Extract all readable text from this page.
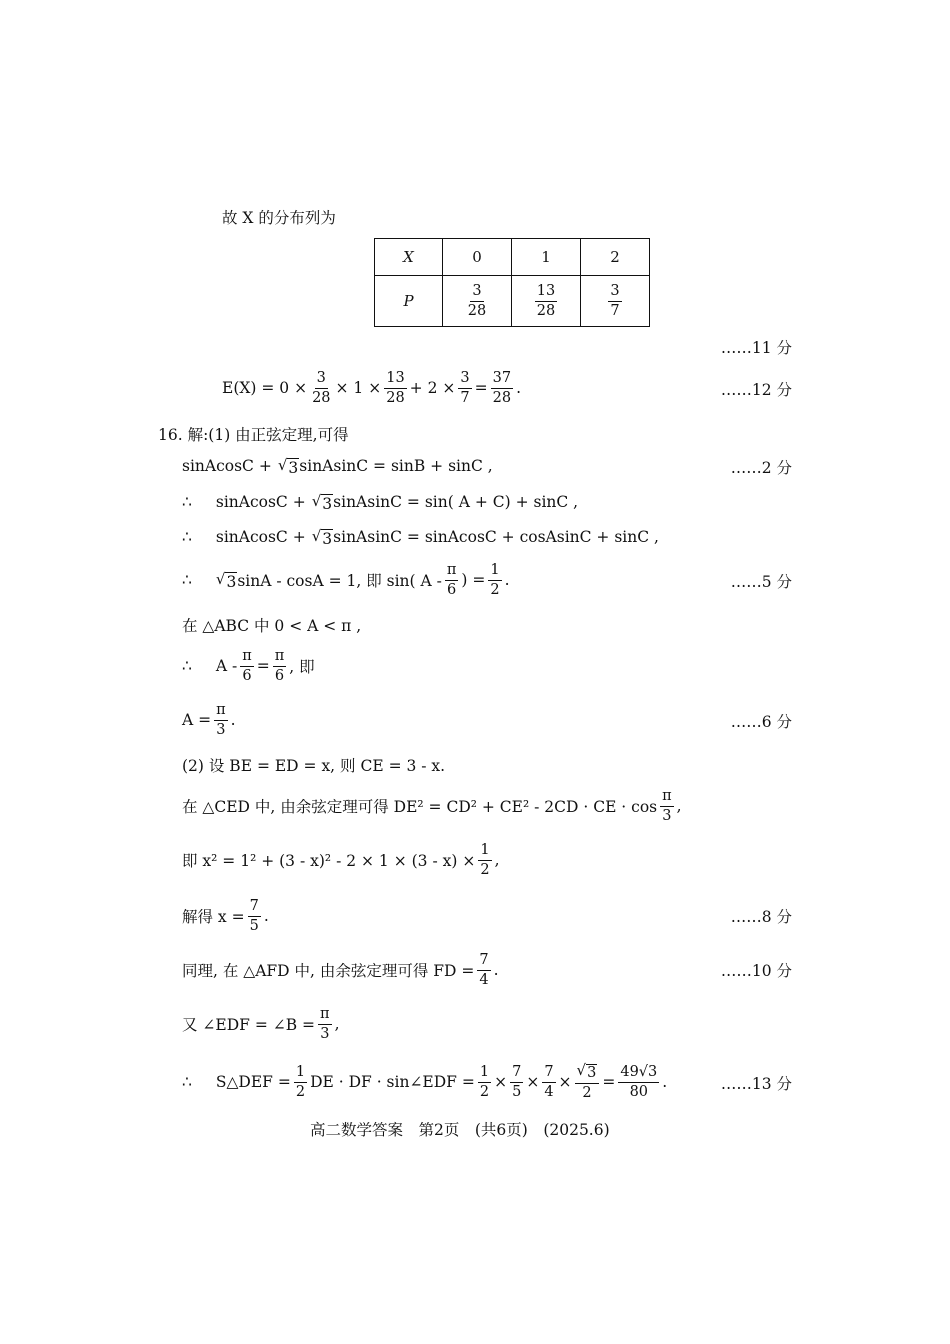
故 X 的分布列为
X	0	1	2
P	$\frac{3}{28}$	$\frac{13}{28}$	$\frac{3}{7}$
……11 分
$E(X) = 0 \times \frac{3}{28} \times 1 \times \frac{13}{28} + 2 \times \frac{3}{7} = \frac{37}{28}$ .	……12 分
16. 解:(1) 由正弦定理,可得
sinAcosC + √ 3 sinAsinC = sinB + sinC ,	……2 分
∴ sinAcosC + √ 3 sinAsinC = sin( A + C) + sinC ,
∴ sinAcosC + √ 3 sinAsinC = sinAcosC + cosAsinC + sinC ,
∴ √ 3 sinA - cosA = 1, 即 sin( A - $\frac{\pi}{6}$ ) = $\frac{1}{2}$ .	……5 分
在 △ABC 中 0 < A < π ,
∴ $A - \frac{\pi}{6} = \frac{\pi}{6}$ , 即
$A = \frac{\pi}{3}$ .	……6 分
(2) 设 BE = ED = x, 则 CE = 3 - x.
在 △CED 中, 由余弦定理可得 DE² = CD² + CE² - 2CD · CE · $\cos \frac{\pi}{3}$ ,
即 $x^2 = 1^2 + (3 - x)^2 - 2 \times 1 \times (3 - x) \times \frac{1}{2}$ ,
解得 $x = \frac{7}{5}$ .	……8 分
同理, 在 △AFD 中, 由余弦定理可得 FD = $\frac{7}{4}$ .	……10 分
又 ∠EDF = ∠B = $\frac{\pi}{3}$ ,
∴ S△DEF = $\frac{1}{2}$ DE · DF · sin∠EDF = $\frac{1}{2} \times \frac{7}{5} \times \frac{7}{4} \times \frac{√ 3}{2} = \frac{49√3}{80}$ .	……13 分
高二数学答案　第2页　(共6页)　(2025.6)
